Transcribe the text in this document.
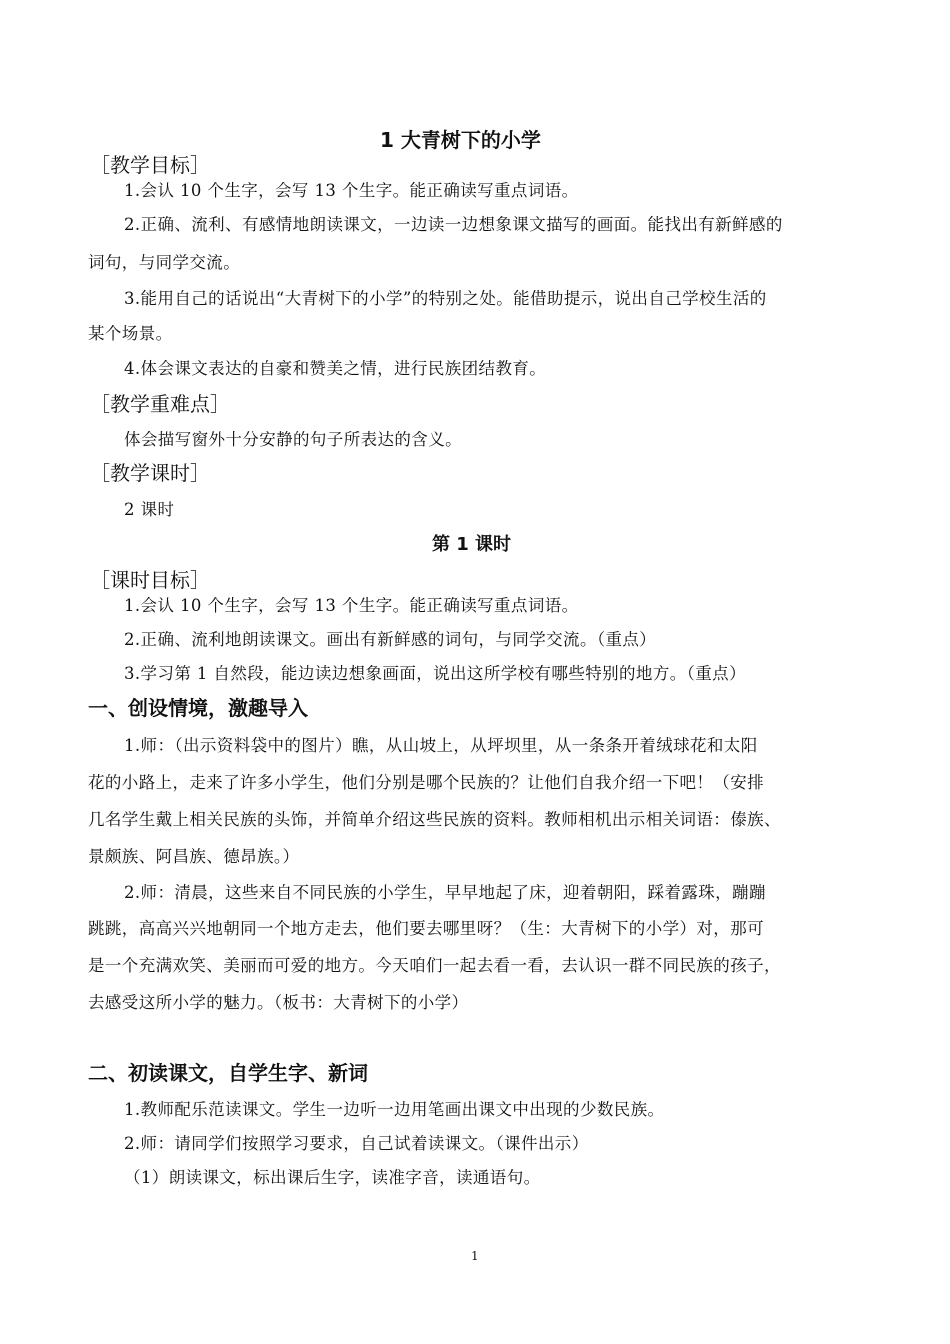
1 大青树下的小学
［教学目标］
1.会认 10 个生字，会写 13 个生字。能正确读写重点词语。
2.正确、流利、有感情地朗读课文，一边读一边想象课文描写的画面。能找出有新鲜感的
词句，与同学交流。
3.能用自己的话说出“大青树下的小学”的特别之处。能借助提示，说出自己学校生活的
某个场景。
4.体会课文表达的自豪和赞美之情，进行民族团结教育。
［教学重难点］
体会描写窗外十分安静的句子所表达的含义。
［教学课时］
2 课时
第 1 课时
［课时目标］
1.会认 10 个生字，会写 13 个生字。能正确读写重点词语。
2.正确、流利地朗读课文。画出有新鲜感的词句，与同学交流。（重点）
3.学习第 1 自然段，能边读边想象画面，说出这所学校有哪些特别的地方。（重点）
一、创设情境，激趣导入
1.师：（出示资料袋中的图片）瞧，从山坡上，从坪坝里，从一条条开着绒球花和太阳
花的小路上，走来了许多小学生，他们分别是哪个民族的？让他们自我介绍一下吧！（安排
几名学生戴上相关民族的头饰，并简单介绍这些民族的资料。教师相机出示相关词语：傣族、
景颇族、阿昌族、德昂族。）
2.师：清晨，这些来自不同民族的小学生，早早地起了床，迎着朝阳，踩着露珠，蹦蹦
跳跳，高高兴兴地朝同一个地方走去，他们要去哪里呀？（生：大青树下的小学）对，那可
是一个充满欢笑、美丽而可爱的地方。今天咱们一起去看一看，去认识一群不同民族的孩子，
去感受这所小学的魅力。（板书：大青树下的小学）
二、初读课文，自学生字、新词
1.教师配乐范读课文。学生一边听一边用笔画出课文中出现的少数民族。
2.师：请同学们按照学习要求，自己试着读课文。（课件出示）
（1）朗读课文，标出课后生字，读准字音，读通语句。
1
